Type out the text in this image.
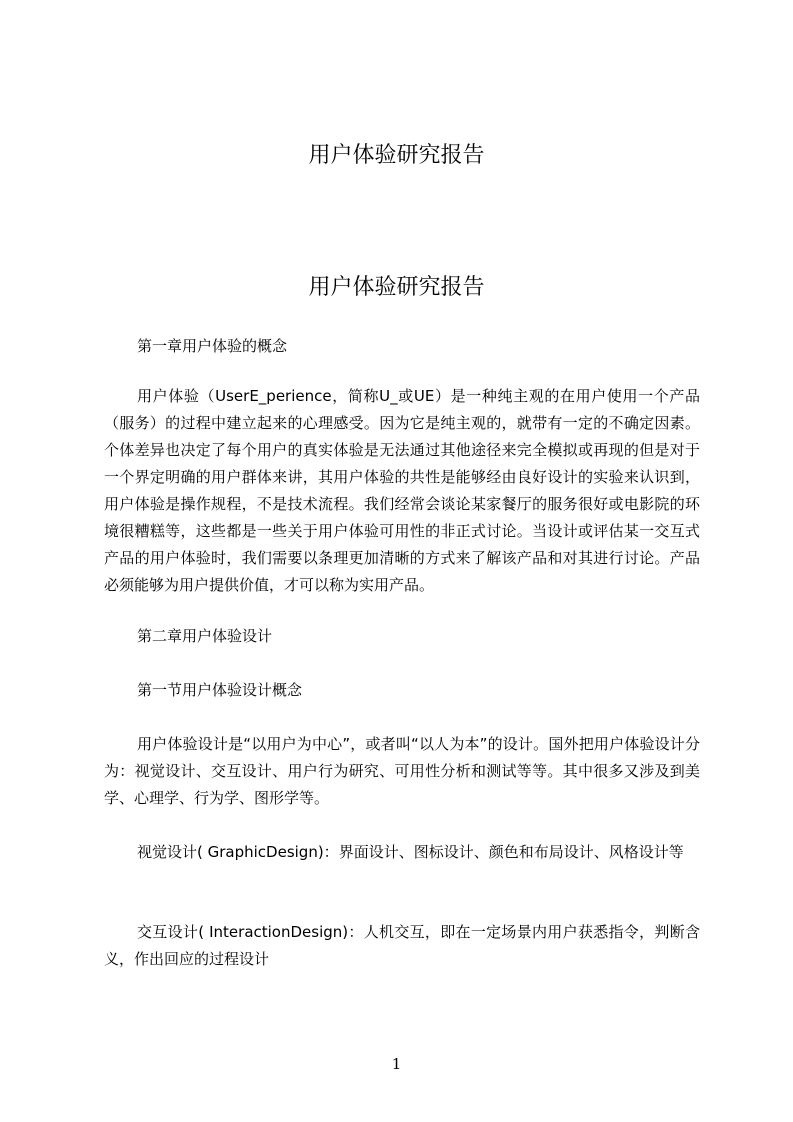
用户体验研究报告
用户体验研究报告

第一章用户体验的概念

用户体验（UserE_perience，简称U_或UE）是一种纯主观的在用户使用一个产品（服务）的过程中建立起来的心理感受。因为它是纯主观的，就带有一定的不确定因素。个体差异也决定了每个用户的真实体验是无法通过其他途径来完全模拟或再现的但是对于一个界定明确的用户群体来讲，其用户体验的共性是能够经由良好设计的实验来认识到，用户体验是操作规程，不是技术流程。我们经常会谈论某家餐厅的服务很好或电影院的环境很糟糕等，这些都是一些关于用户体验可用性的非正式讨论。当设计或评估某一交互式产品的用户体验时，我们需要以条理更加清晰的方式来了解该产品和对其进行讨论。产品必须能够为用户提供价值，才可以称为实用产品。

第二章用户体验设计

第一节用户体验设计概念

用户体验设计是“以用户为中心”，或者叫“以人为本”的设计。国外把用户体验设计分为：视觉设计、交互设计、用户行为研究、可用性分析和测试等等。其中很多又涉及到美学、心理学、行为学、图形学等。

视觉设计( GraphicDesign)：界面设计、图标设计、颜色和布局设计、风格设计等

交互设计( InteractionDesign)：人机交互，即在一定场景内用户获悉指令，判断含义，作出回应的过程设计

1
